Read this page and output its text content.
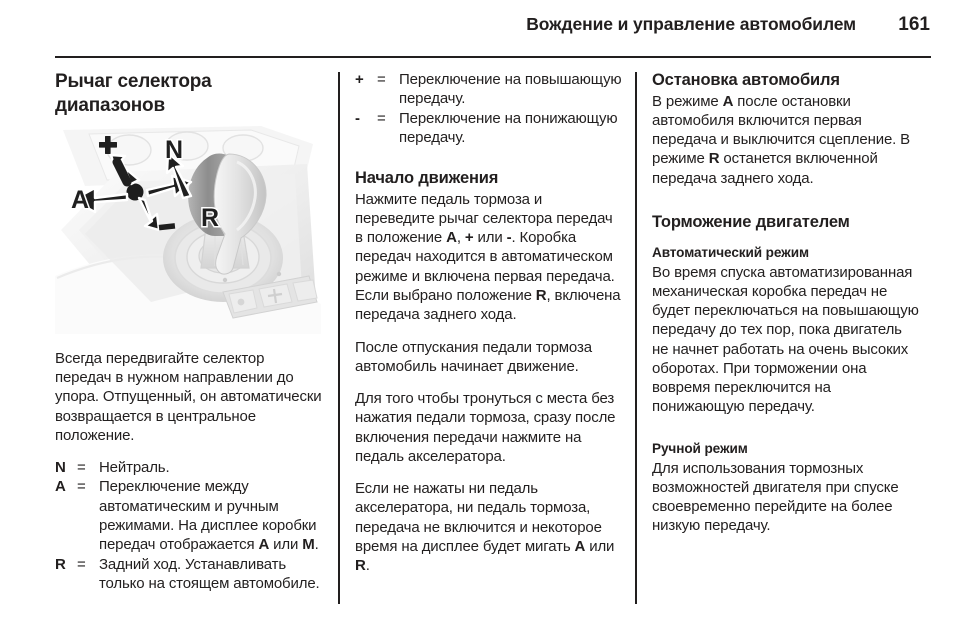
Вождение и управление автомобилем 161
Рычаг селектора диапазонов
A
N
R

Всегда передвигайте селектор передач в нужном направлении до упора. Отпущенный, он автоматически возвращается в центральное положение.

N = Нейтраль.
A = Переключение между автоматическим и ручным режимами. На дисплее коробки передач отображается A или M.
R = Задний ход. Устанавливать только на стоящем автомобиле.
+ = Переключение на повышающую передачу.
-	= Переключение на понижающую передачу.
Начало движения

Нажмите педаль тормоза и переведите рычаг селектора передач в положение A, + или -. Коробка передач находится в автоматическом режиме и включена первая передача. Если выбрано положение R, включена передача заднего хода.

После отпускания педали тормоза автомобиль начинает движение.

Для того чтобы тронуться с места без нажатия педали тормоза, сразу после включения передачи нажмите на педаль акселератора.

Если не нажаты ни педаль акселератора, ни педаль тормоза, передача не включится и некоторое время на дисплее будет мигать A или R.

Остановка автомобиля

В режиме A после остановки автомобиля включится первая передача и выключится сцепление. В режиме R останется включенной передача заднего хода.

Торможение двигателем
Автоматический режим

Во время спуска автоматизированная механическая коробка передач не будет переключаться на повышающую передачу до тех пор, пока двигатель не начнет работать на очень высоких оборотах. При торможении она вовремя переключится на понижающую передачу.

Ручной режим

Для использования тормозных возможностей двигателя при спуске своевременно перейдите на более низкую передачу.
